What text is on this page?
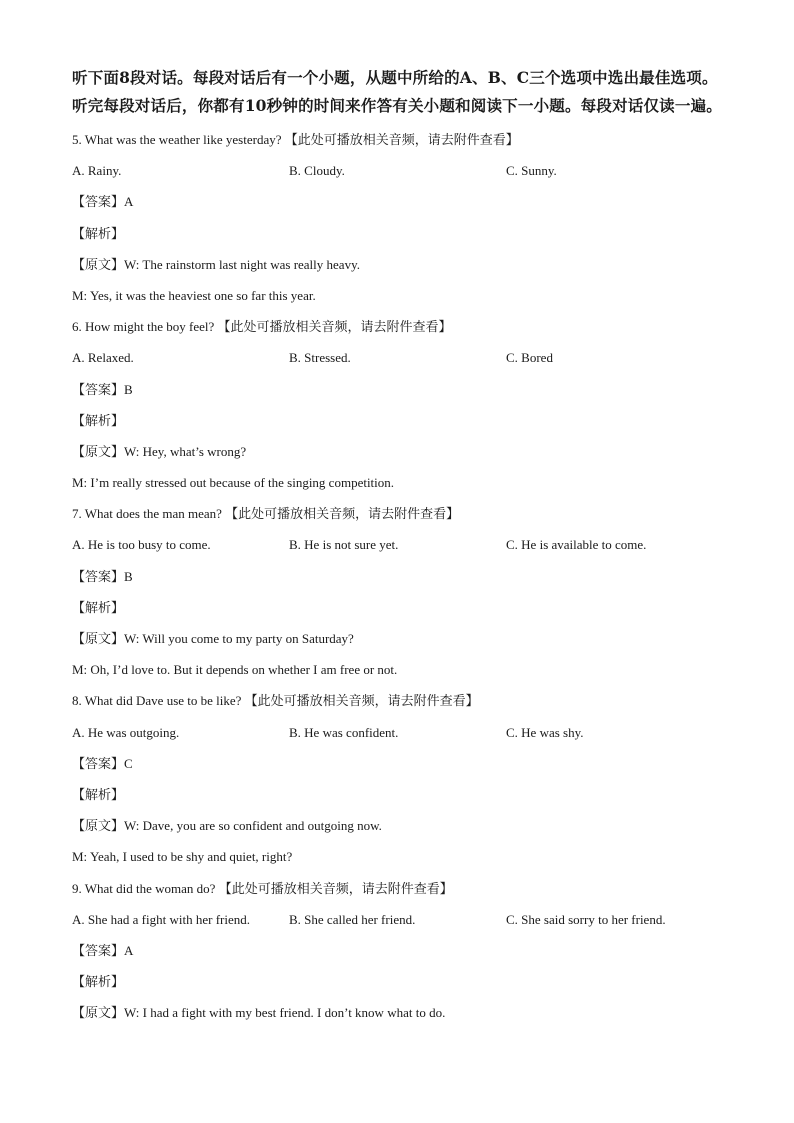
听下面8段对话。每段对话后有一个小题，从题中所给的A、B、C三个选项中选出最佳选项。听完每段对话后，你都有10秒钟的时间来作答有关小题和阅读下一小题。每段对话仅读一遍。
5. What was the weather like yesterday? 【此处可播放相关音频，请去附件查看】
A. Rainy.	B. Cloudy.	C. Sunny.
【答案】A
【解析】
【原文】W: The rainstorm last night was really heavy.
M: Yes, it was the heaviest one so far this year.
6. How might the boy feel? 【此处可播放相关音频，请去附件查看】
A. Relaxed.	B. Stressed.	C. Bored
【答案】B
【解析】
【原文】W: Hey, what’s wrong?
M: I’m really stressed out because of the singing competition.
7. What does the man mean? 【此处可播放相关音频，请去附件查看】
A. He is too busy to come.	B. He is not sure yet.	C. He is available to come.
【答案】B
【解析】
【原文】W: Will you come to my party on Saturday?
M: Oh, I’d love to. But it depends on whether I am free or not.
8. What did Dave use to be like? 【此处可播放相关音频，请去附件查看】
A. He was outgoing.	B. He was confident.	C. He was shy.
【答案】C
【解析】
【原文】W: Dave, you are so confident and outgoing now.
M: Yeah, I used to be shy and quiet, right?
9. What did the woman do? 【此处可播放相关音频，请去附件查看】
A. She had a fight with her friend.	B. She called her friend.	C. She said sorry to her friend.
【答案】A
【解析】
【原文】W: I had a fight with my best friend. I don’t know what to do.
